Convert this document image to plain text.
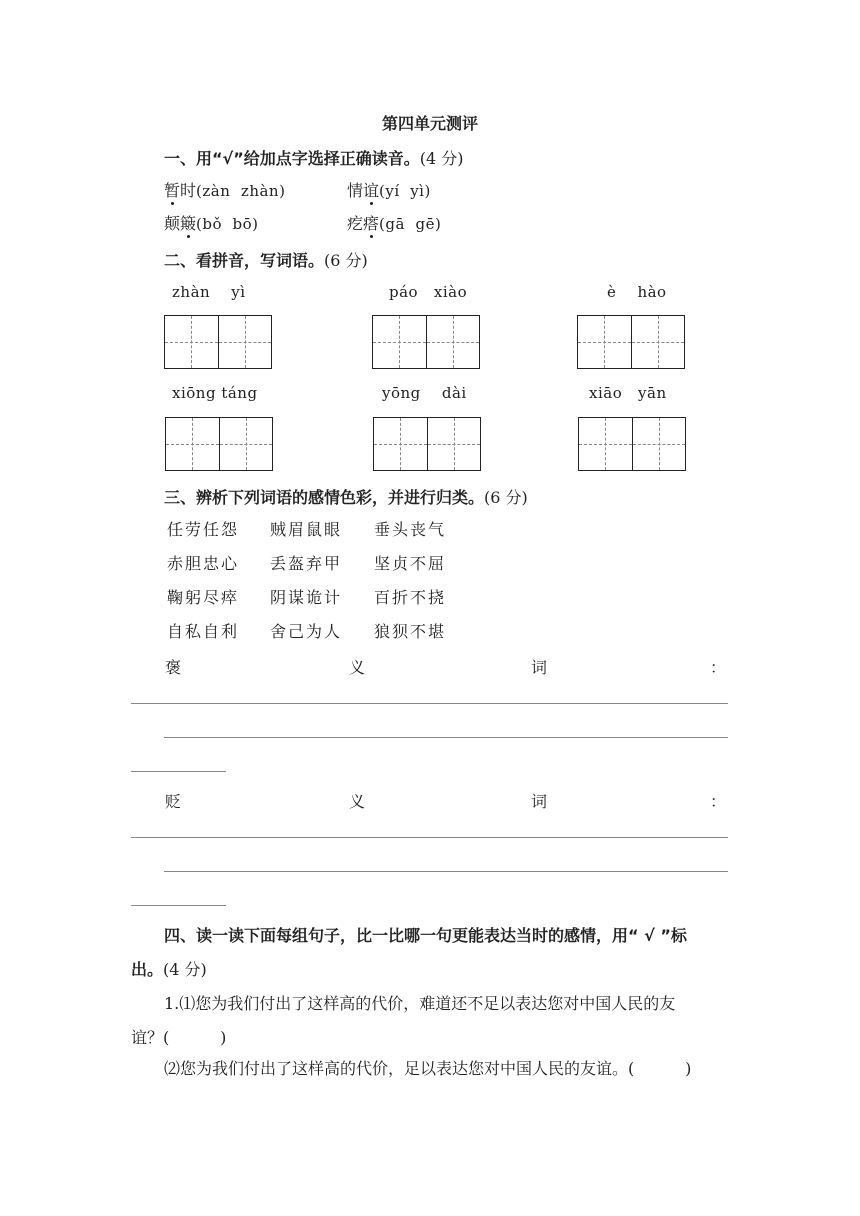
第四单元测评
一、用“√”给加点字选择正确读音。(4 分)
暂时(zàn  zhàn)	情谊(yí  yì)
颠簸(bǒ  bō)	疙瘩(gā  gē)
二、看拼音，写词语。(6 分)
zhàn    yì	páo   xiào	è    hào
xiōng táng	yōng    dài	xiāo   yān
三、辨析下列词语的感情色彩，并进行归类。(6 分)
任劳任怨 贼眉鼠眼 垂头丧气
赤胆忠心 丢盔弃甲 坚贞不屈
鞠躬尽瘁 阴谋诡计 百折不挠
自私自利 舍己为人 狼狈不堪
褒	义	词	：
贬	义	词	：
四、读一读下面每组句子，比一比哪一句更能表达当时的感情，用“ √ ”标
出。(4 分)
1.⑴您为我们付出了这样高的代价，难道还不足以表达您对中国人民的友
谊？(          )
⑵您为我们付出了这样高的代价，足以表达您对中国人民的友谊。(          )
